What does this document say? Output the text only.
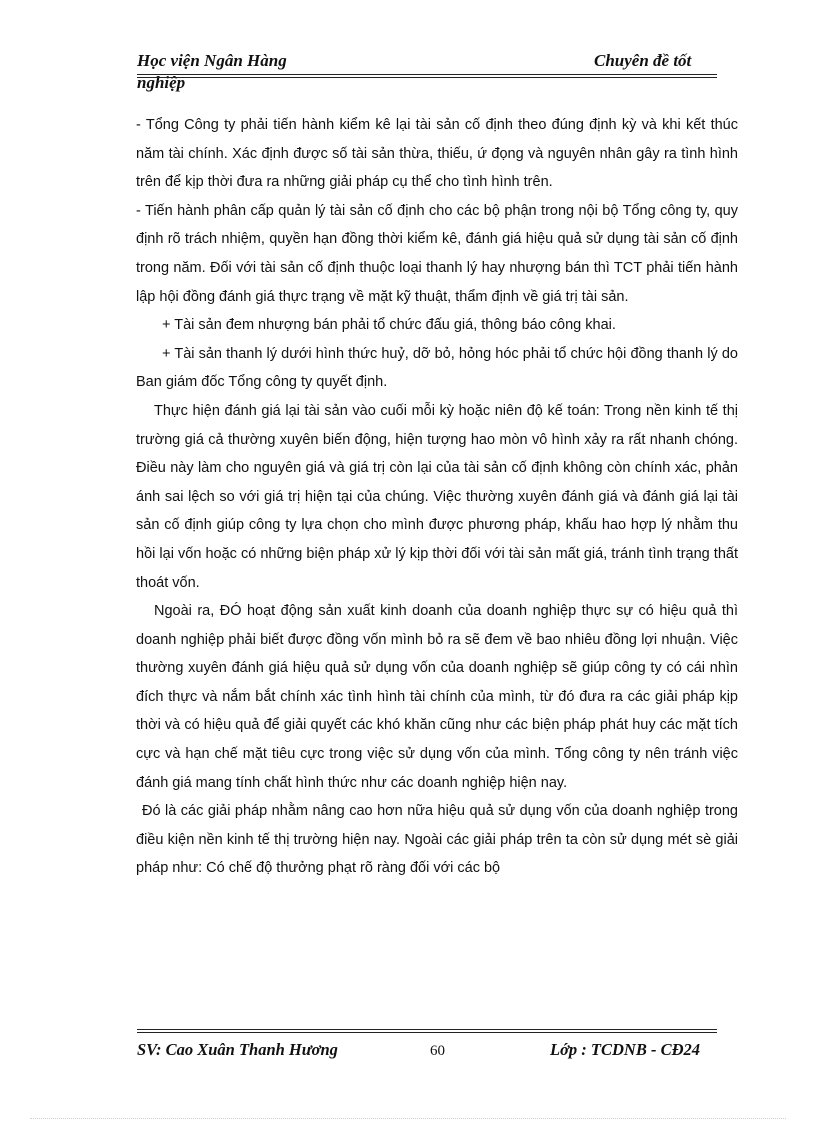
Học viện Ngân Hàng
nghiệp
Chuyên đề tốt

- Tổng Công ty phải tiến hành kiểm kê lại tài sản cố định theo đúng định kỳ và khi kết thúc năm tài chính. Xác định được số tài sản thừa, thiếu, ứ đọng và nguyên nhân gây ra tình hình trên để kịp thời đưa ra những giải pháp cụ thể cho tình hình trên.

- Tiến hành phân cấp quản lý tài sản cố định cho các bộ phận trong nội bộ Tổng công ty, quy định rõ trách nhiệm, quyền hạn đồng thời kiểm kê, đánh giá hiệu quả sử dụng tài sản cố định trong năm. Đối với tài sản cố định thuộc loại thanh lý hay nhượng bán thì TCT phải tiến hành lập hội đồng đánh giá thực trạng về mặt kỹ thuật, thẩm định về giá trị tài sản.

+ Tài sản đem nhượng bán phải tổ chức đấu giá, thông báo công khai.

+ Tài sản thanh lý dưới hình thức huỷ, dỡ bỏ, hỏng hóc phải tổ chức hội đồng thanh lý do Ban giám đốc Tổng công ty quyết định.

Thực hiện đánh giá lại tài sản vào cuối mỗi kỳ hoặc niên độ kế toán: Trong nền kinh tế thị trường giá cả thường xuyên biến động, hiện tượng hao mòn vô hình xảy ra rất nhanh chóng. Điều này làm cho nguyên giá và giá trị còn lại của tài sản cố định không còn chính xác, phản ánh sai lệch so với giá trị hiện tại của chúng. Việc thường xuyên đánh giá và đánh giá lại tài sản cố định giúp công ty lựa chọn cho mình được phương pháp, khấu hao hợp lý nhằm thu hồi lại vốn hoặc có những biện pháp xử lý kịp thời đối với tài sản mất giá, tránh tình trạng thất thoát vốn.

Ngoài ra, ĐÓ hoạt động sản xuất kinh doanh của doanh nghiệp thực sự có hiệu quả thì doanh nghiệp phải biết được đồng vốn mình bỏ ra sẽ đem về bao nhiêu đồng lợi nhuận. Việc thường xuyên đánh giá hiệu quả sử dụng vốn của doanh nghiệp sẽ giúp công ty có cái nhìn đích thực và nắm bắt chính xác tình hình tài chính của mình, từ đó đưa ra các giải pháp kịp thời và có hiệu quả để giải quyết các khó khăn cũng như các biện pháp phát huy các mặt tích cực và hạn chế mặt tiêu cực trong việc sử dụng vốn của mình. Tổng công ty nên tránh việc đánh giá mang tính chất hình thức như các doanh nghiệp hiện nay.

Đó là các giải pháp nhằm nâng cao hơn nữa hiệu quả sử dụng vốn của doanh nghiệp trong điều kiện nền kinh tế thị trường hiện nay. Ngoài các giải pháp trên ta còn sử dụng mét sè giải pháp như: Có chế độ thưởng phạt rõ ràng đối với các bộ

SV: Cao Xuân Thanh Hương	60	Lớp : TCDNB - CĐ24
